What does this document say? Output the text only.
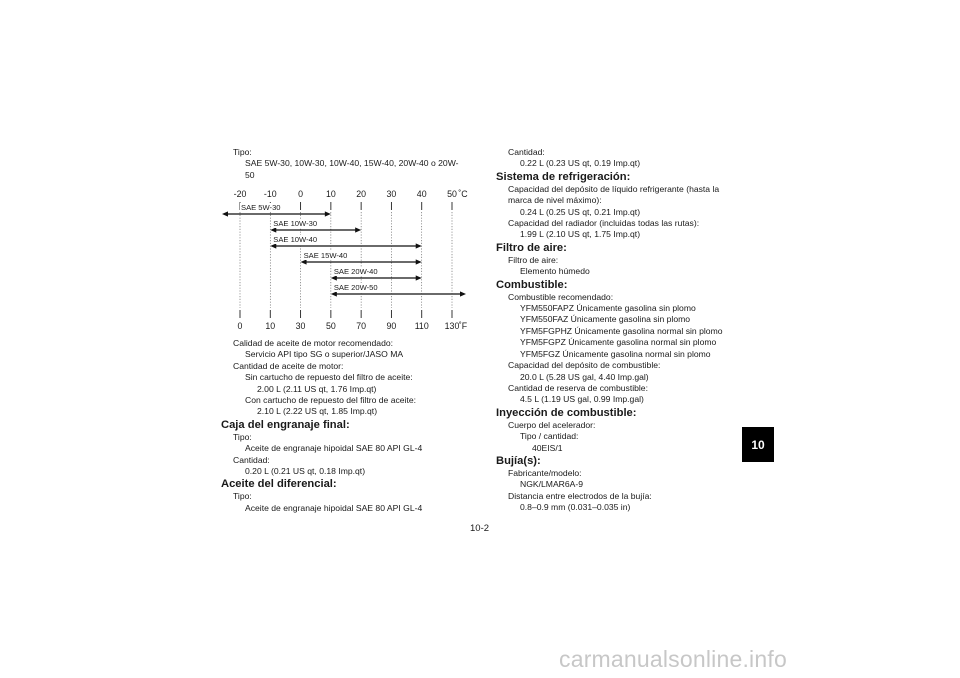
Tipo:
SAE 5W-30, 10W-30, 10W-40, 15W-40, 20W-40 o 20W-
50
-20
0
-10
10
0
30
10
50
20
70
30
90
40
110
50
130
˚C
˚F
SAE 5W-30
SAE 10W-30
SAE 10W-40
SAE 15W-40
SAE 20W-40
SAE 20W-50
Calidad de aceite de motor recomendado:
Servicio API tipo SG o superior/JASO MA
Cantidad de aceite de motor:
Sin cartucho de repuesto del filtro de aceite:
2.00 L (2.11 US qt, 1.76 Imp.qt)
Con cartucho de repuesto del filtro de aceite:
2.10 L (2.22 US qt, 1.85 Imp.qt)
Caja del engranaje final:
Tipo:
Aceite de engranaje hipoidal SAE 80 API GL-4
Cantidad:
0.20 L (0.21 US qt, 0.18 Imp.qt)
Aceite del diferencial:
Tipo:
Aceite de engranaje hipoidal SAE 80 API GL-4
Cantidad:
0.22 L (0.23 US qt, 0.19 Imp.qt)
Sistema de refrigeración:
Capacidad del depósito de líquido refrigerante (hasta la
marca de nivel máximo):
0.24 L (0.25 US qt, 0.21 Imp.qt)
Capacidad del radiador (incluidas todas las rutas):
1.99 L (2.10 US qt, 1.75 Imp.qt)
Filtro de aire:
Filtro de aire:
Elemento húmedo
Combustible:
Combustible recomendado:
YFM550FAPZ Únicamente gasolina sin plomo
YFM550FAZ Únicamente gasolina sin plomo
YFM5FGPHZ Únicamente gasolina normal sin plomo
YFM5FGPZ Únicamente gasolina normal sin plomo
YFM5FGZ Únicamente gasolina normal sin plomo
Capacidad del depósito de combustible:
20.0 L (5.28 US gal, 4.40 Imp.gal)
Cantidad de reserva de combustible:
4.5 L (1.19 US gal, 0.99 Imp.gal)
Inyección de combustible:
Cuerpo del acelerador:
Tipo / cantidad:
40EIS/1
Bujía(s):
Fabricante/modelo:
NGK/LMAR6A-9
Distancia entre electrodos de la bujía:
0.8–0.9 mm (0.031–0.035 in)
10-2
10
carmanualsonline.info
